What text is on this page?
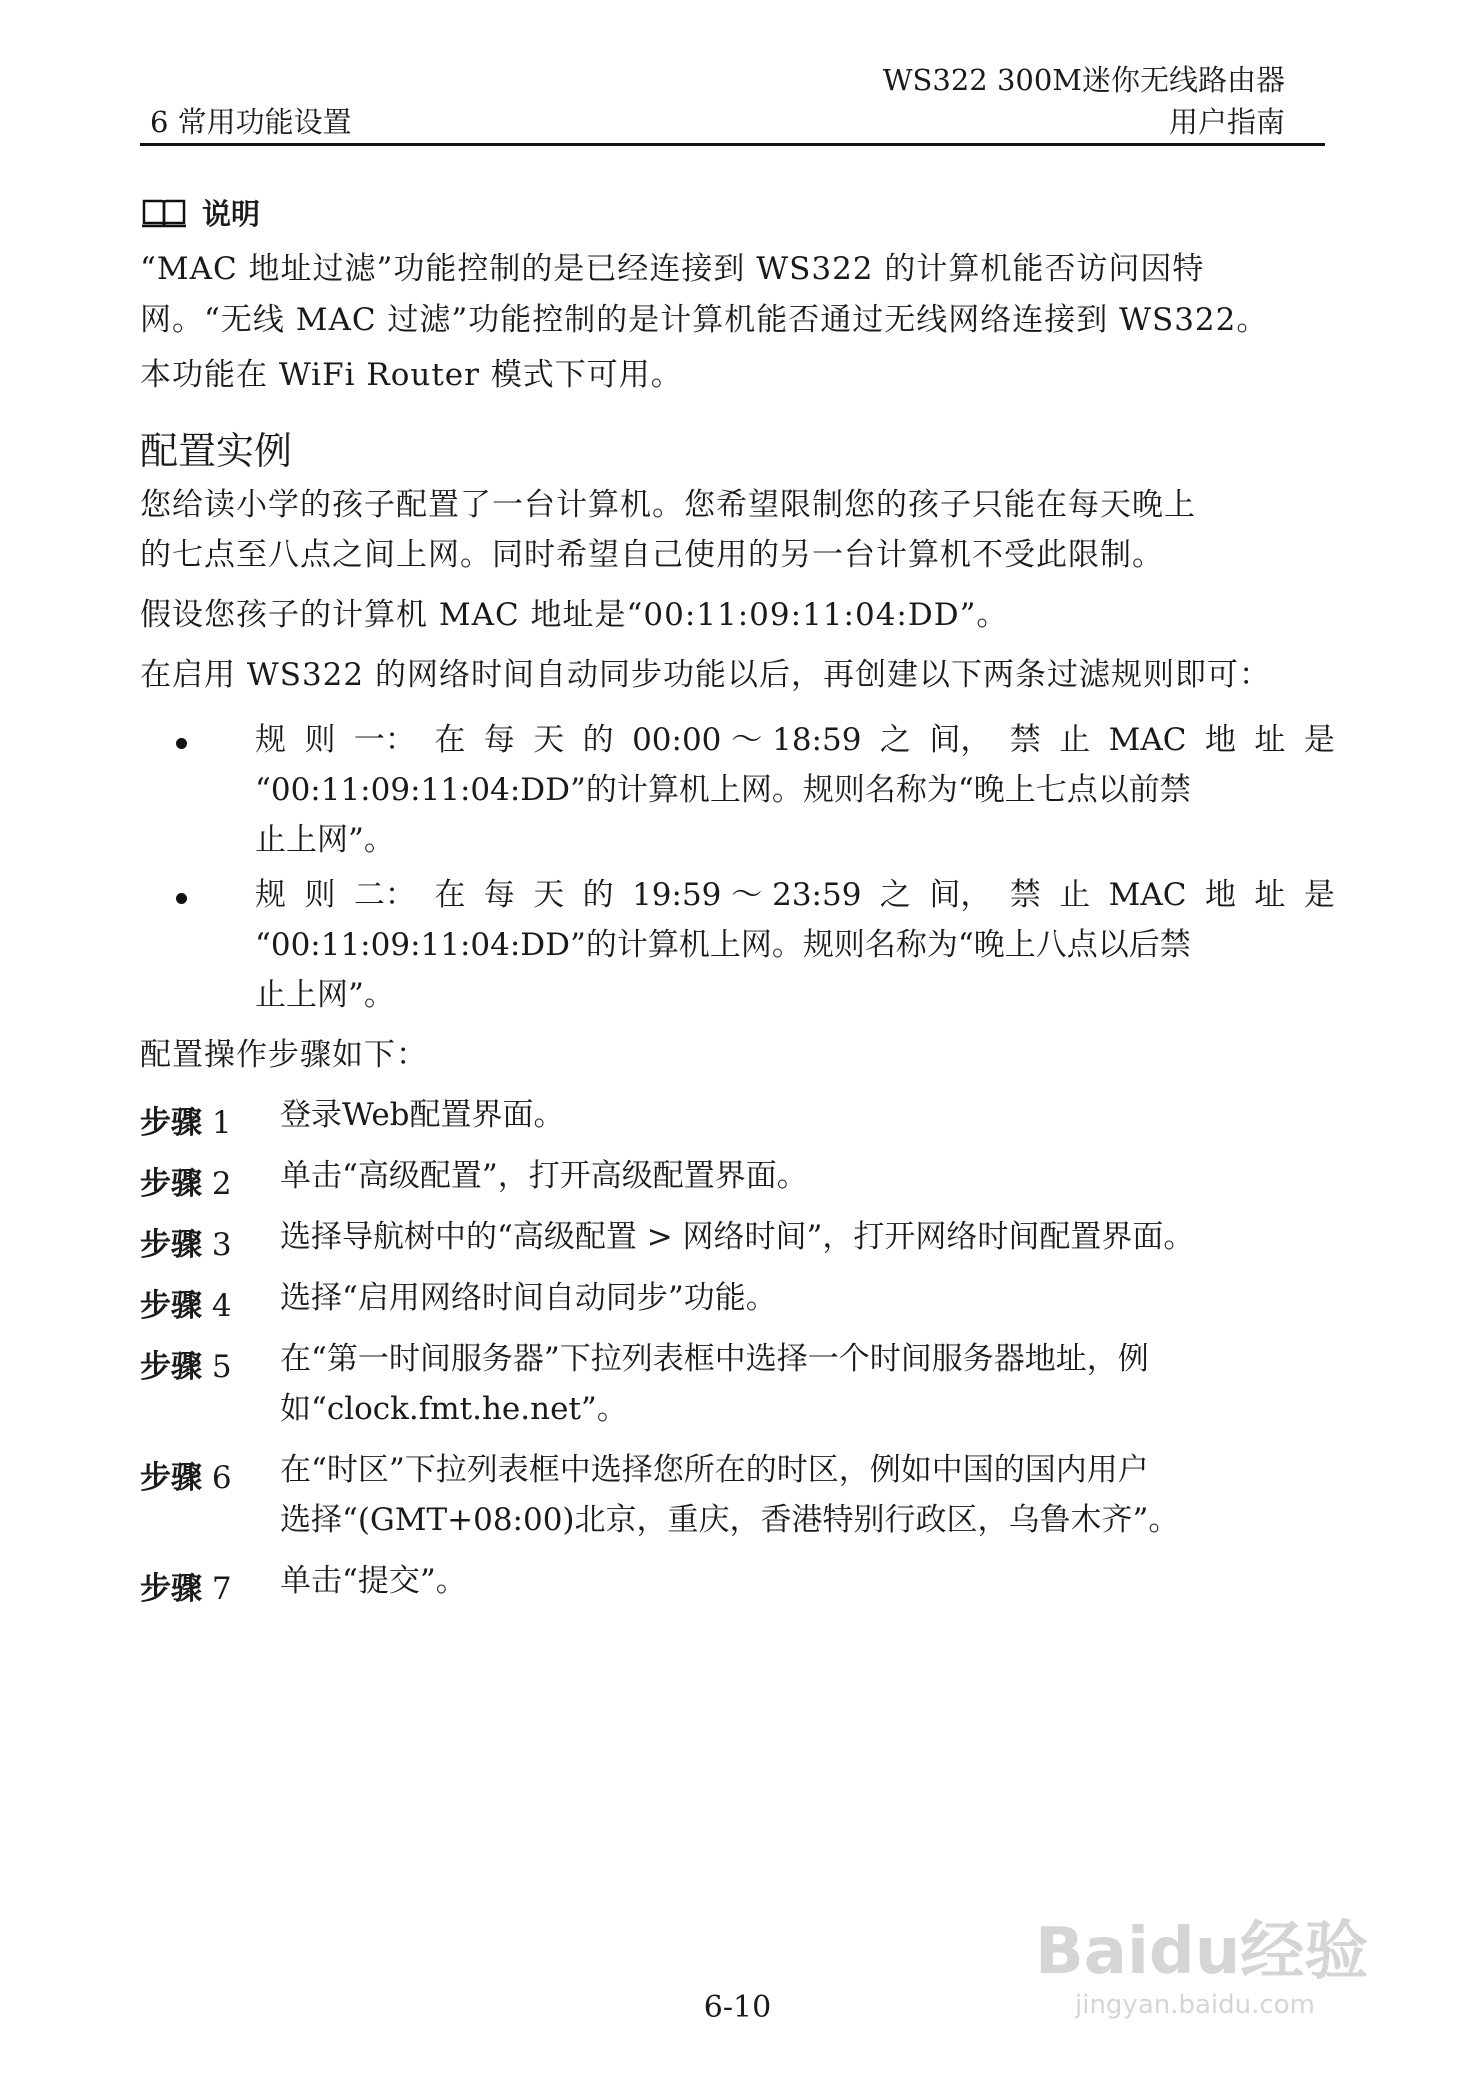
WS322 300M迷你无线路由器
6 常用功能设置	用户指南
说明
“MAC 地址过滤”功能控制的是已经连接到 WS322 的计算机能否访问因特
网。“无线 MAC 过滤”功能控制的是计算机能否通过无线网络连接到 WS322。
本功能在 WiFi Router 模式下可用。
配置实例
您给读小学的孩子配置了一台计算机。您希望限制您的孩子只能在每天晚上
的七点至八点之间上网。同时希望自己使用的另一台计算机不受此限制。
假设您孩子的计算机 MAC 地址是“00:11:09:11:04:DD”。
在启用 WS322 的网络时间自动同步功能以后，再创建以下两条过滤规则即可：
规 则 一： 在 每 天 的 00:00 ～ 18:59 之 间， 禁 止 MAC 地 址 是
“00:11:09:11:04:DD”的计算机上网。规则名称为“晚上七点以前禁
止上网”。
规 则 二： 在 每 天 的 19:59 ～ 23:59 之 间， 禁 止 MAC 地 址 是
“00:11:09:11:04:DD”的计算机上网。规则名称为“晚上八点以后禁
止上网”。
配置操作步骤如下：
步骤 1 登录Web配置界面。
步骤 2 单击“高级配置”，打开高级配置界面。
步骤 3 选择导航树中的“高级配置 > 网络时间”，打开网络时间配置界面。
步骤 4 选择“启用网络时间自动同步”功能。
步骤 5 在“第一时间服务器”下拉列表框中选择一个时间服务器地址，例
如“clock.fmt.he.net”。
步骤 6 在“时区”下拉列表框中选择您所在的时区，例如中国的国内用户
选择“(GMT+08:00)北京，重庆，香港特别行政区，乌鲁木齐”。
步骤 7 单击“提交”。
Baidu经验
jingyan.baidu.com
6-10
